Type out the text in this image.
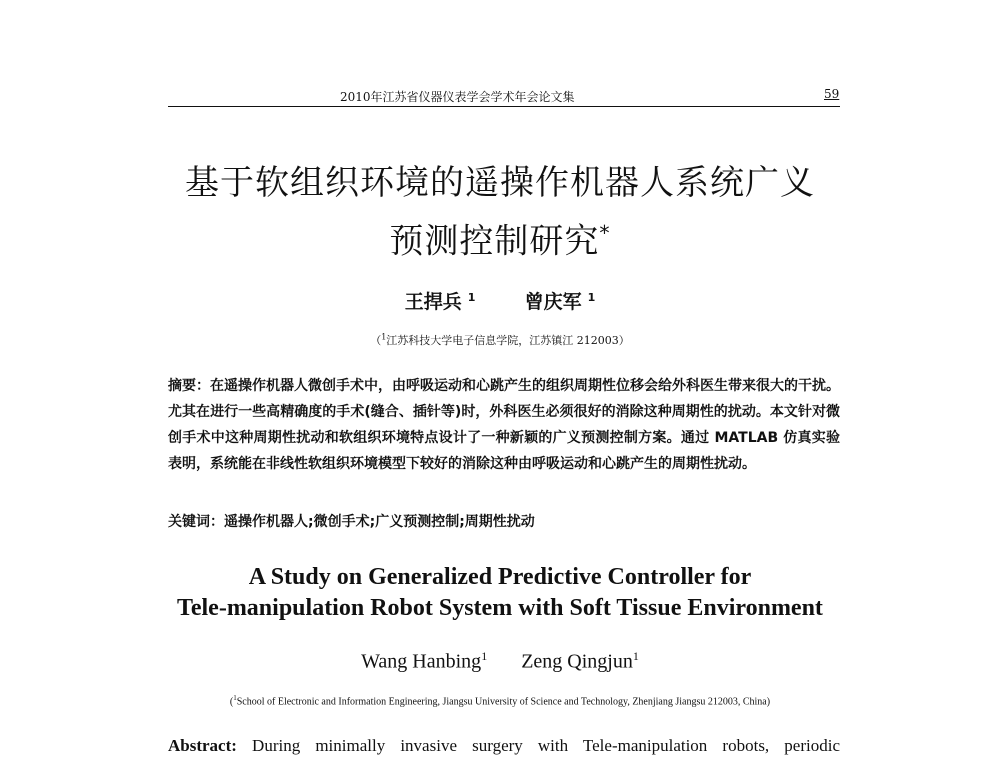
2010年江苏省仪器仪表学会学术年会论文集	59
基于软组织环境的遥操作机器人系统广义
预测控制研究*
王捍兵 $^1$	曾庆军 $^1$
（$^1$江苏科技大学电子信息学院，江苏镇江 212003）
摘要：在遥操作机器人微创手术中，由呼吸运动和心跳产生的组织周期性位移会给外科医生带来很大的干扰。尤其在进行一些高精确度的手术(缝合、插针等)时，外科医生必须很好的消除这种周期性的扰动。本文针对微创手术中这种周期性扰动和软组织环境特点设计了一种新颖的广义预测控制方案。通过 MATLAB 仿真实验表明，系统能在非线性软组织环境模型下较好的消除这种由呼吸运动和心跳产生的周期性扰动。
关键词：遥操作机器人;微创手术;广义预测控制;周期性扰动
A Study on Generalized Predictive Controller for
Tele-manipulation Robot System with Soft Tissue Environment
Wang Hanbing$^1$ Zeng Qingjun$^1$
($^1$School of Electronic and Information Engineering, Jiangsu University of Science and Technology, Zhenjiang Jiangsu 212003, China)
Abstract: During minimally invasive surgery with Tele-manipulation robots, periodic
